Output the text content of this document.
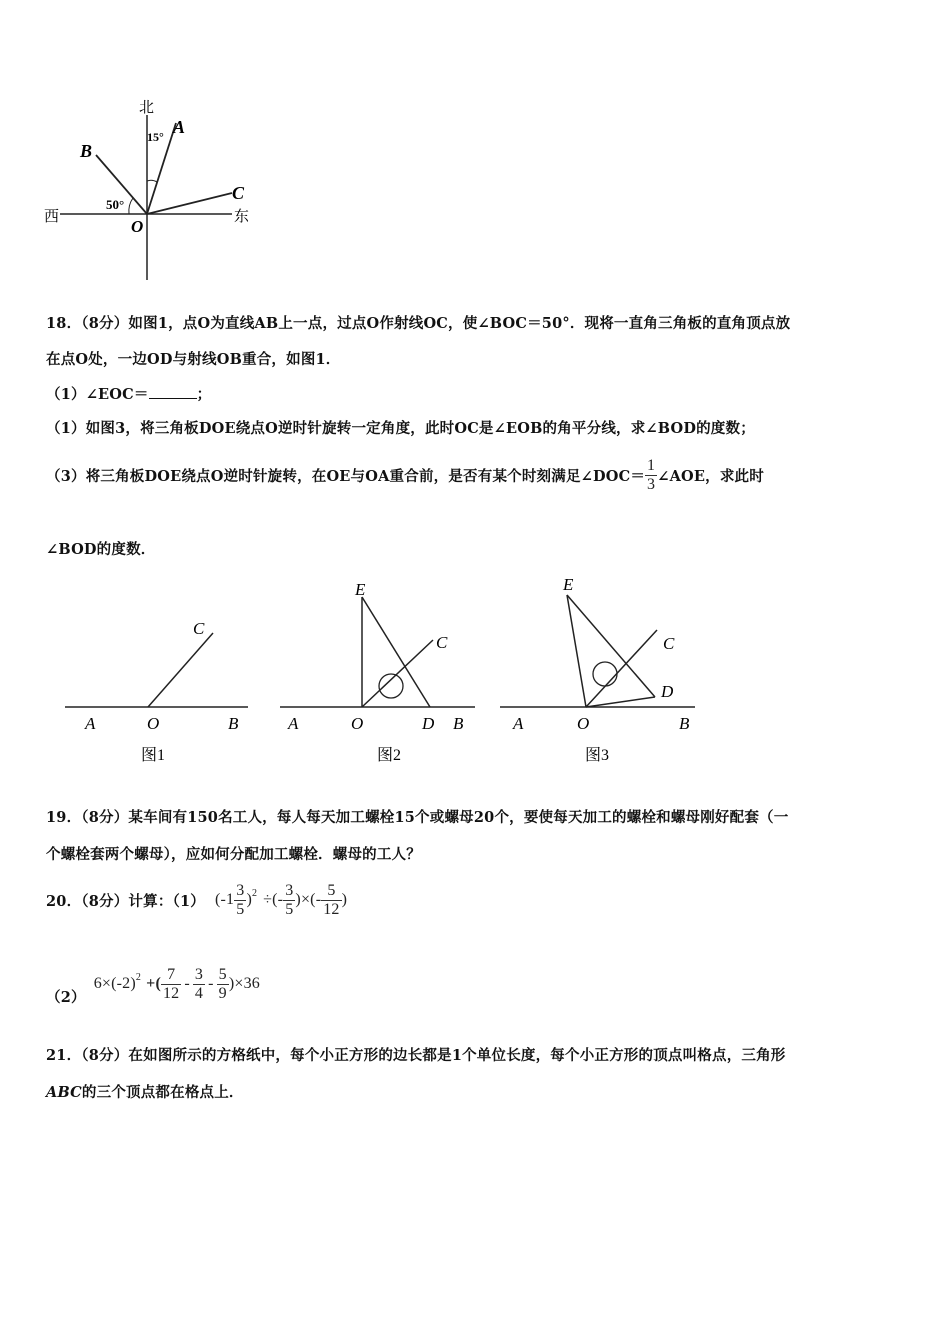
北
西	东
A
B
C
O
15°
50°
18．（8分）如图1，点O为直线AB上一点，过点O作射线OC，使∠BOC＝50°．现将一直角三角板的直角顶点放
在点O处，一边OD与射线OB重合，如图1．
（1）∠EOC＝	；
（1）如图3，将三角板DOE绕点O逆时针旋转一定角度，此时OC是∠EOB的角平分线，求∠BOD的度数；
（3）将三角板DOE绕点O逆时针旋转，在OE与OA重合前，是否有某个时刻满足∠DOC＝ $\frac{1}{3}$ ∠AOE，求此时
∠BOD的度数．
C
A	O	B
图1
E
C
A	O	D B
图2
E
C
D
A	O	B
图3
19．（8分）某车间有150名工人，每人每天加工螺栓15个或螺母20个，要使每天加工的螺栓和螺母刚好配套（一
个螺栓套两个螺母），应如何分配加工螺栓．螺母的工人？
20．（8分）计算：（1） $(-1 \frac{3}{5} )^2$ ÷(- $\frac{3}{5}$ )×(- $\frac{5}{12}$ )
（2）
$6\times(-2)^2$ +( $\frac{7}{12} - \frac{3}{4} - \frac{5}{9} )\times 36$
21．（8分）在如图所示的方格纸中，每个小正方形的边长都是1个单位长度，每个小正方形的顶点叫格点，三角形
ABC的三个顶点都在格点上．
